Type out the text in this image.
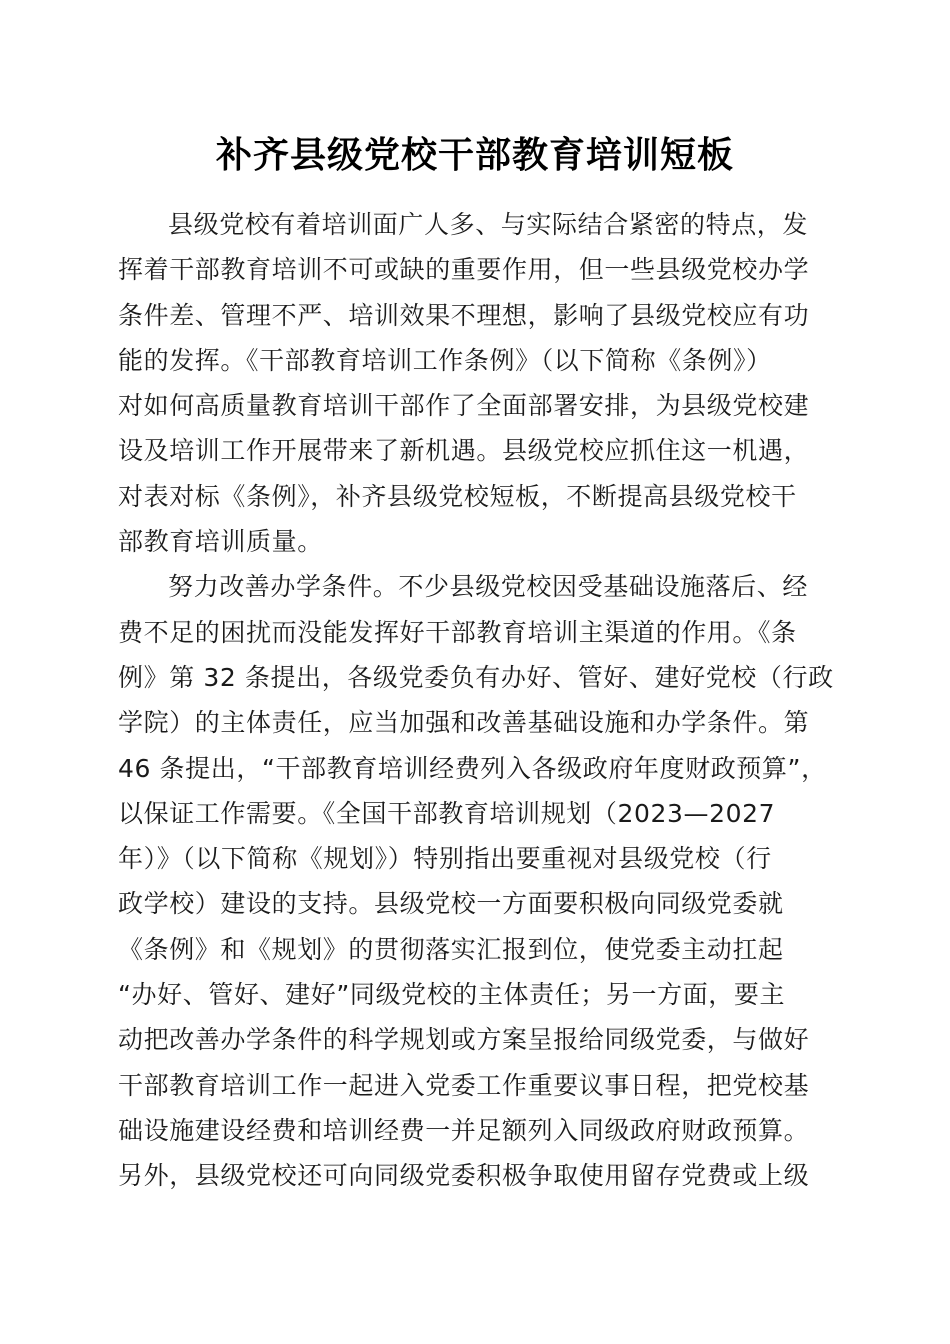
补齐县级党校干部教育培训短板
县级党校有着培训面广人多、与实际结合紧密的特点，发
挥着干部教育培训不可或缺的重要作用，但一些县级党校办学
条件差、管理不严、培训效果不理想，影响了县级党校应有功
能的发挥。《干部教育培训工作条例》（以下简称《条例》）
对如何高质量教育培训干部作了全面部署安排，为县级党校建
设及培训工作开展带来了新机遇。县级党校应抓住这一机遇，
对表对标《条例》，补齐县级党校短板，不断提高县级党校干
部教育培训质量。
努力改善办学条件。不少县级党校因受基础设施落后、经
费不足的困扰而没能发挥好干部教育培训主渠道的作用。《条
例》第 32 条提出，各级党委负有办好、管好、建好党校（行政
学院）的主体责任，应当加强和改善基础设施和办学条件。第
46 条提出，“干部教育培训经费列入各级政府年度财政预算”，
以保证工作需要。《全国干部教育培训规划（2023—2027
年）》（以下简称《规划》）特别指出要重视对县级党校（行
政学校）建设的支持。县级党校一方面要积极向同级党委就
《条例》和《规划》的贯彻落实汇报到位，使党委主动扛起
“办好、管好、建好”同级党校的主体责任；另一方面，要主
动把改善办学条件的科学规划或方案呈报给同级党委，与做好
干部教育培训工作一起进入党委工作重要议事日程，把党校基
础设施建设经费和培训经费一并足额列入同级政府财政预算。
另外，县级党校还可向同级党委积极争取使用留存党费或上级
